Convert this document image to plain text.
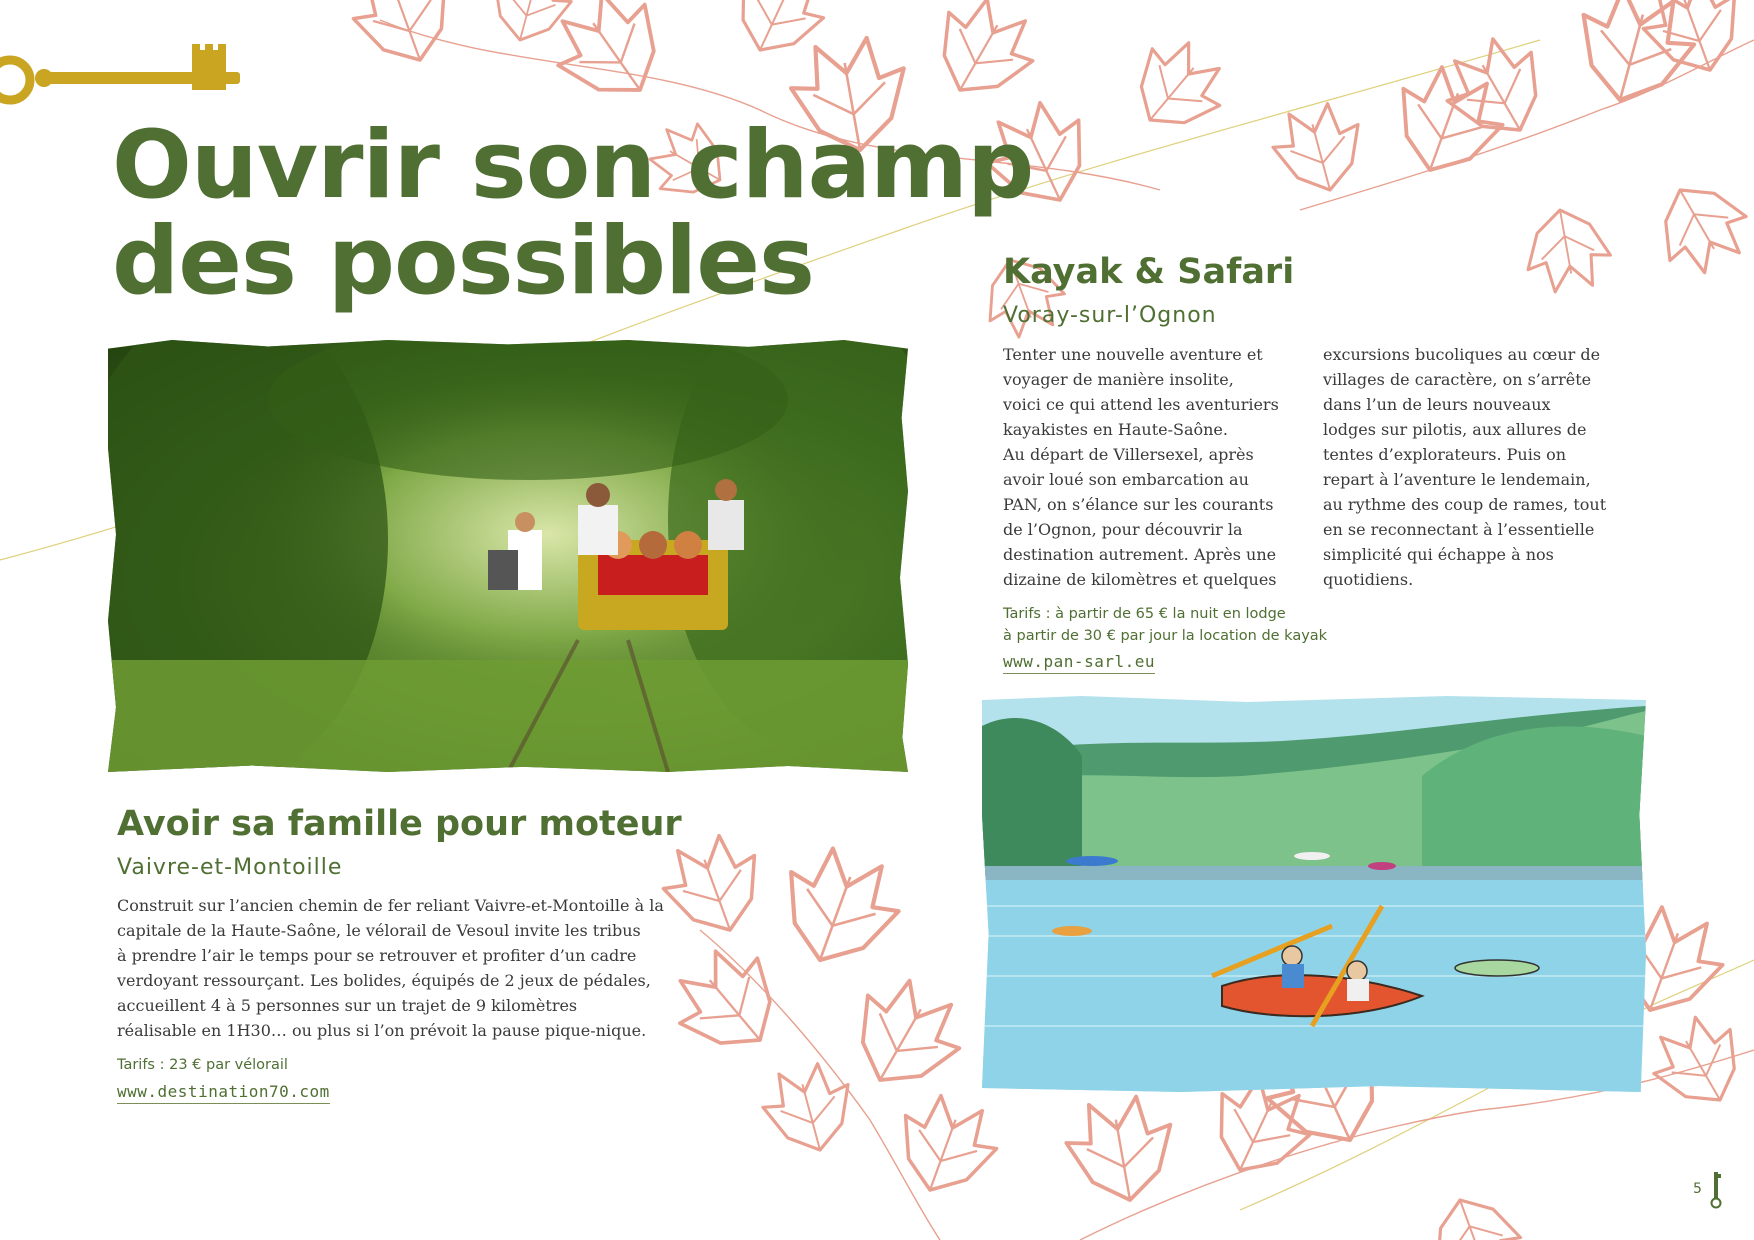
Ouvrir son champ
des possibles	Kayak & Safari

Voray-sur-l’Ognon

Tenter une nouvelle aventure et
voyager de manière insolite,
voici ce qui attend les aventuriers
kayakistes en Haute-Saône.
Au départ de Villersexel, après
avoir loué son embarcation au
PAN, on s’élance sur les courants
de l’Ognon, pour découvrir la
destination autrement. Après une
dizaine de kilomètres et quelques
excursions bucoliques au cœur de
villages de caractère, on s’arrête
dans l’un de leurs nouveaux
lodges sur pilotis, aux allures de
tentes d’explorateurs. Puis on
repart à l’aventure le lendemain,
au rythme des coup de rames, tout
en se reconnectant à l’essentielle
simplicité qui échappe à nos
quotidiens.
Tarifs : à partir de 65 € la nuit en lodge
à partir de 30 € par jour la location de kayak
www.pan-sarl.eu
Avoir sa famille pour moteur

Vaivre-et-Montoille

Construit sur l’ancien chemin de fer reliant Vaivre-et-Montoille à la
capitale de la Haute-Saône, le vélorail de Vesoul invite les tribus
à prendre l’air le temps pour se retrouver et profiter d’un cadre
verdoyant ressourçant. Les bolides, équipés de 2 jeux de pédales,
accueillent 4 à 5 personnes sur un trajet de 9 kilomètres
réalisable en 1H30… ou plus si l’on prévoit la pause pique-nique.
Tarifs : 23 € par vélorail
www.destination70.com
5
